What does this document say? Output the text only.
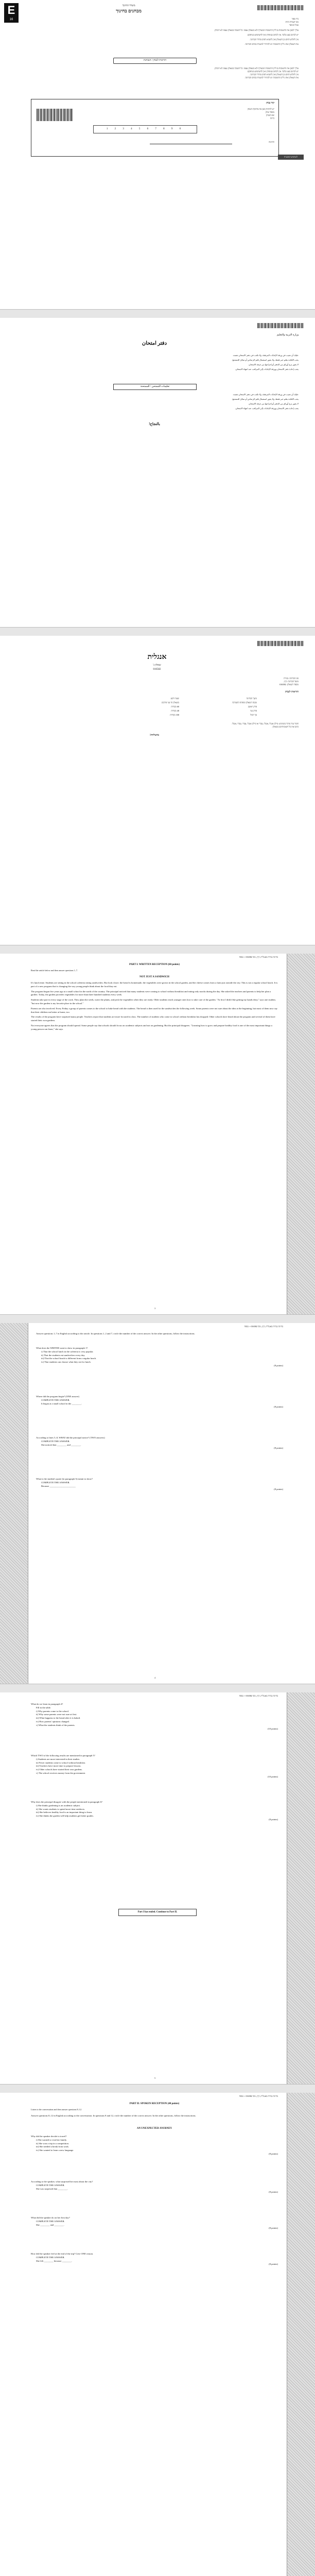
E
16
משרד החינוך
מבחנים בחינוך
בית ספר
מס' תעודת זהות
סמל המוסד

עליך לסמן את התשובות בגיליון התשובות המצורף ולא בשאלון עצמו. כל תשובה בשאלון עצמו לא תיבדק.

יש לכתוב בעט בלבד. אין לכתוב בעיפרון ואין להשתמש בטיפקס.

אין לתלוש דפים מן השאלון ואין להוציא דפים מחדר הבחינה.

את השאלון ואת גיליון התשובות יש להחזיר למשגיח בסיום הבחינה.

הוראות לנבחן / הנבחנת
עליך לסמן את התשובות בגיליון התשובות המצורף ולא בשאלון עצמו. כל תשובה בשאלון עצמו לא תיבדק.
יש לכתוב בעט בלבד. אין לכתוב בעיפרון ואין להשתמש בטיפקס.
אין לתלוש דפים מן השאלון ואין להוציא דפים מחדר הבחינה.
את השאלון ואת גיליון התשובות יש להחזיר למשגיח בסיום הבחינה.
קוד נבחן
יש להדביק כאן את מדבקת הנבחן
מספר נבחן
שם הנבחן
כיתה
1 2 3 4 5 6 7 8 9 0
חתימה
לשימוש המשגיח
وزارة التربية والتعليم
دفتر امتحان

عليك أن تجيب في ورقة الإجابات المرفقة، ولا تكتب في دفتر الامتحان نفسه.

يجب الكتابة بقلم حبر فقط، ولا يجوز استعمال قلم الرصاص أو سائل التصحيح.

لا يجوز نزع أوراق من الدفتر أو إخراجها من غرفة الامتحان.

يجب إعادة دفتر الامتحان وورقة الإجابات إلى المراقب عند انتهاء الامتحان.

تعليمات للممتحن / للممتحنة

عليك أن تجيب في ورقة الإجابات المرفقة، ولا تكتب في دفتر الامتحان نفسه.

يجب الكتابة بقلم حبر فقط، ولا يجوز استعمال قلم الرصاص أو سائل التصحيح.

لا يجوز نزع أوراق من الدفتر أو إخراجها من غرفة الامتحان.

يجب إعادة دفتر الامتحان وورقة الإجابات إلى المراقب عند انتهاء الامتحان.

بالنجاح!
אנגלית
שאלון ג'
016582
סוג הבחינה: בגרות
מועד הבחינה: קיץ
מספר השאלון: 016582
הוראות לנבחן
משך הבחינה	שעה ורבע
מבנה השאלון ומפתח ההערכה	בשאלון זה שני פרקים
פרק ראשון	60 נקודות
פרק שני	40 נקודות
סך הכול	100 נקודות
חומר עזר מותר בשימוש: מילון אנגלי–אנגלי–עברי או מילון אנגלי–עברי–עברי–אנגלי.
כתבו את כל תשובותיכם בשאלון.
בהצלחה!
בחינת בגרות באנגלית, קיץ, מס' 016582 + נספח
PART I: WRITTEN RECEPTION (60 points)
Read the article below and then answer questions 1–7.
NOT JUST A SANDWICH

It's lunch time. Students are sitting in the school cafeteria eating sandwiches. But look closer: the bread is homemade, the vegetables were grown in the school garden, and the cheese comes from a farm just outside the city. This is not a regular school lunch. It is part of a new program that is changing the way young people think about the food they eat.

The program began five years ago at a small school in the north of the country. The principal noticed that many students were coming to school without breakfast and eating only snacks during the day. She asked the teachers and parents to help her plan a garden. Today, the garden provides vegetables for more than three hundred students every week.

Students take part in every stage of the work. They plant the seeds, water the plants, and pick the vegetables when they are ready. Older students teach younger ones how to take care of the garden. "At first I didn't like getting my hands dirty," says one student, "but now the garden is my favorite place in the school."

Parents are also involved. Every Friday a group of parents comes to the school to bake bread with the students. The bread is then used for the sandwiches the following week. Some parents were not sure about the idea at the beginning, but most of them now say that their children eat better at home, too.

The results of the program have surprised many people. Teachers report that students are more focused in class. The number of students who come to school without breakfast has dropped. Other schools have heard about the program and several of them have started their own gardens.

Not everyone agrees that the program should spread. Some people say that schools should focus on academic subjects and not on gardening. But the principal disagrees. "Learning how to grow and prepare healthy food is one of the most important things a young person can learn," she says.

3
בחינת בגרות באנגלית, קיץ, מס' 016582 + נספח
Answer questions 1–7 in English according to the article. In questions 1, 2 and 7, circle the number of the correct answer. In the other questions, follow the instructions.
What does the WRITER want to show in paragraph 1?
i) That the school lunch in the cafeteria is very popular.
ii) That the students eat sandwiches every day.
iii) That the school lunch is different from a regular lunch.
iv) That students can choose what they eat for lunch.
(8 points)
Where did the program begin? (ONE answer)
COMPLETE THE ANSWER.
It began at a small school in the ________.
(8 points)
According to lines 5–8, WHAT did the principal notice? (TWO answers)
COMPLETE THE ANSWER.
She noticed that ________ and ________.
(8 points)
What is the student's quote (in paragraph 3) meant to show?
COMPLETE THE ANSWER.
Because ______________________
(8 points)
4
בחינת בגרות באנגלית, קיץ, מס' 016582 + נספח
What do we learn in paragraph 4?
Fill in the table.
i) Why parents come to the school.
ii) Why some parents were not sure at first.
iii) What happens to the bread after it is baked.
iv) How parents' opinions changed.
v) What the students think of the parents.
(10 points)
Which TWO of the following results are mentioned in paragraph 5?
i) Students are more interested in their studies.
ii) Fewer students come to school without breakfast.
iii) Teachers have more time to prepare lessons.
iv) Other schools have started their own gardens.
v) The school receives money from the government.
(10 points)
Why does the principal disagree with the people mentioned in paragraph 6?
i) She thinks gardening is an academic subject.
ii) She wants students to spend more time outdoors.
iii) She believes healthy food is an important thing to learn.
iv) She thinks the garden will help students get better grades.
(8 points)
Part I has ended. Continue to Part II.
5
בחינת בגרות באנגלית, קיץ, מס' 016582 + נספח
PART II: SPOKEN RECEPTION (40 points)
Listen to the conversation and then answer questions 8–12.
Answer questions 8–12 in English according to the conversation. In questions 8 and 12, circle the number of the correct answer. In the other questions, follow the instructions.
AN UNEXPECTED JOURNEY
Why did the speaker decide to travel?
i) She wanted to visit her family.
ii) She won a trip in a competition.
iii) She needed a break from work.
iv) She wanted to learn a new language.
(8 points)
According to the speaker, what surprised her most about the city?
COMPLETE THE ANSWER.
She was surprised that ________.
(8 points)
What did the speaker do on her first day?
COMPLETE THE ANSWER.
She ________ and ________.
(8 points)
How did the speaker feel at the end of the trip? Give ONE reason.
COMPLETE THE ANSWER.
She felt ________ because ________.
(8 points)
